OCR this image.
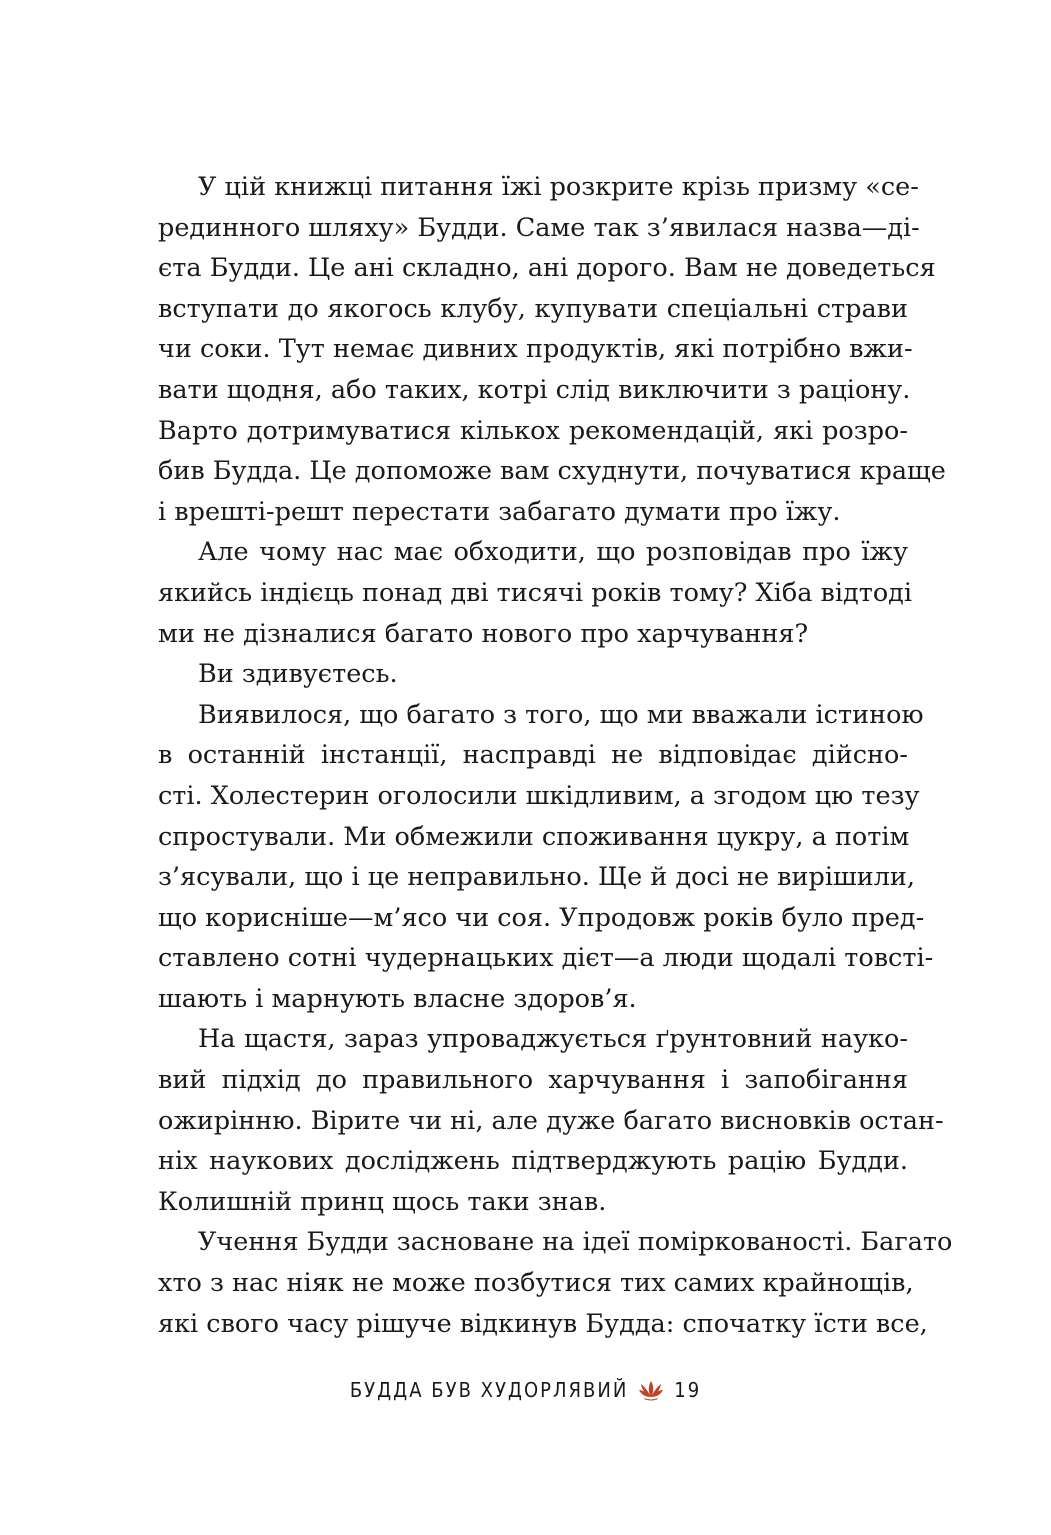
У цій книжці питання їжі розкрите крізь призму «се-
рединного шляху» Будди. Саме так з’явилася назва—ді-
єта Будди. Це ані складно, ані дорого. Вам не доведеться
вступати до якогось клубу, купувати спеціальні страви
чи соки. Тут немає дивних продуктів, які потрібно вжи-
вати щодня, або таких, котрі слід виключити з раціону.
Варто дотримуватися кількох рекомендацій, які розро-
бив Будда. Це допоможе вам схуднути, почуватися краще
і врешті-решт перестати забагато думати про їжу.
Але чому нас має обходити, що розповідав про їжу
якийсь індієць понад дві тисячі років тому? Хіба відтоді
ми не дізналися багато нового про харчування?
Ви здивуєтесь.
Виявилося, що багато з того, що ми вважали істиною
в останній інстанції, насправді не відповідає дійсно-
сті. Холестерин оголосили шкідливим, а згодом цю тезу
спростували. Ми обмежили споживання цукру, а потім
з’ясували, що і це неправильно. Ще й досі не вирішили,
що корисніше—м’ясо чи соя. Упродовж років було пред-
ставлено сотні чудернацьких дієт—а люди щодалі товсті-
шають і марнують власне здоров’я.
На щастя, зараз упроваджується ґрунтовний науко-
вий підхід до правильного харчування і запобігання
ожирінню. Вірите чи ні, але дуже багато висновків остан-
ніх наукових досліджень підтверджують рацію Будди.
Колишній принц щось таки знав.
Учення Будди засноване на ідеї поміркованості. Багато
хто з нас ніяк не може позбутися тих самих крайнощів,
які свого часу рішуче відкинув Будда: спочатку їсти все,
БУДДА БУВ ХУДОРЛЯВИЙ 19
